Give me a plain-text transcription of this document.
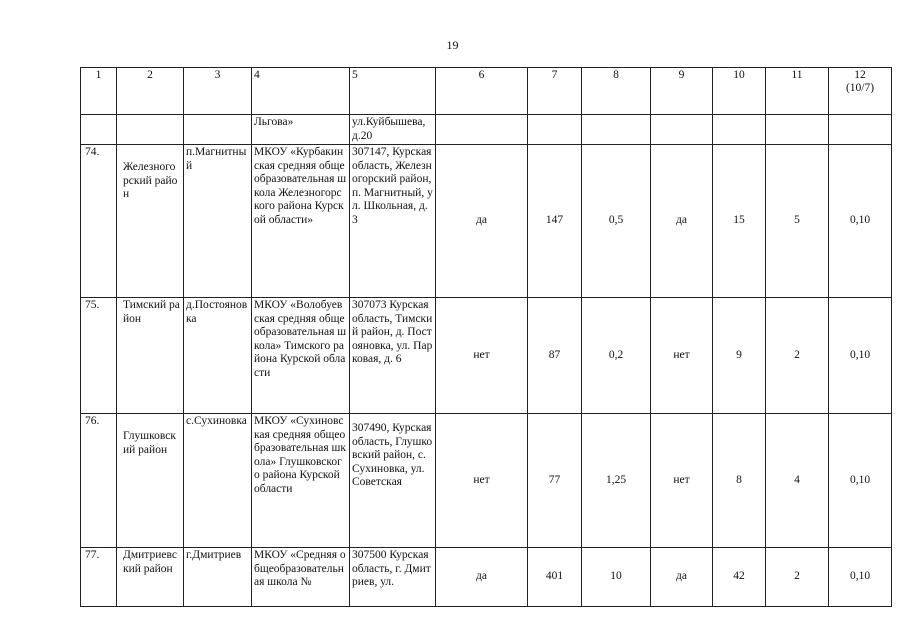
19
1	2	3	4	5	6	7	8	9	10	11	12
(10/7)

			Льгова»	ул.Куйбышева, д.20							
74.	Железногорский район	п.Магнитный	МКОУ «Курбакинская средняя общеобразовательная школа Железногорского района Курской области»	307147, Курская область, Железногорский район, п. Магнитный, ул. Школьная, д. 3	да	147	0,5	да	15	5	0,10
75.	Тимский район	д.Постояновка	МКОУ «Волобуевская средняя общеобразовательная школа» Тимского района Курской области	307073 Курская область, Тимский район, д. Постояновка, ул. Парковая, д. 6	нет	87	0,2	нет	9	2	0,10
76.	Глушковский район	с.Сухиновка	МКОУ «Сухиновская средняя общеобразовательная школа» Глушковского района Курской области	307490, Курская область, Глушковский район, с. Сухиновка, ул. Советская	нет	77	1,25	нет	8	4	0,10
77.	Дмитриевский район	г.Дмитриев	МКОУ «Средняя общеобразовательная школа №	307500 Курская область, г. Дмитриев, ул.	да	401	10	да	42	2	0,10
